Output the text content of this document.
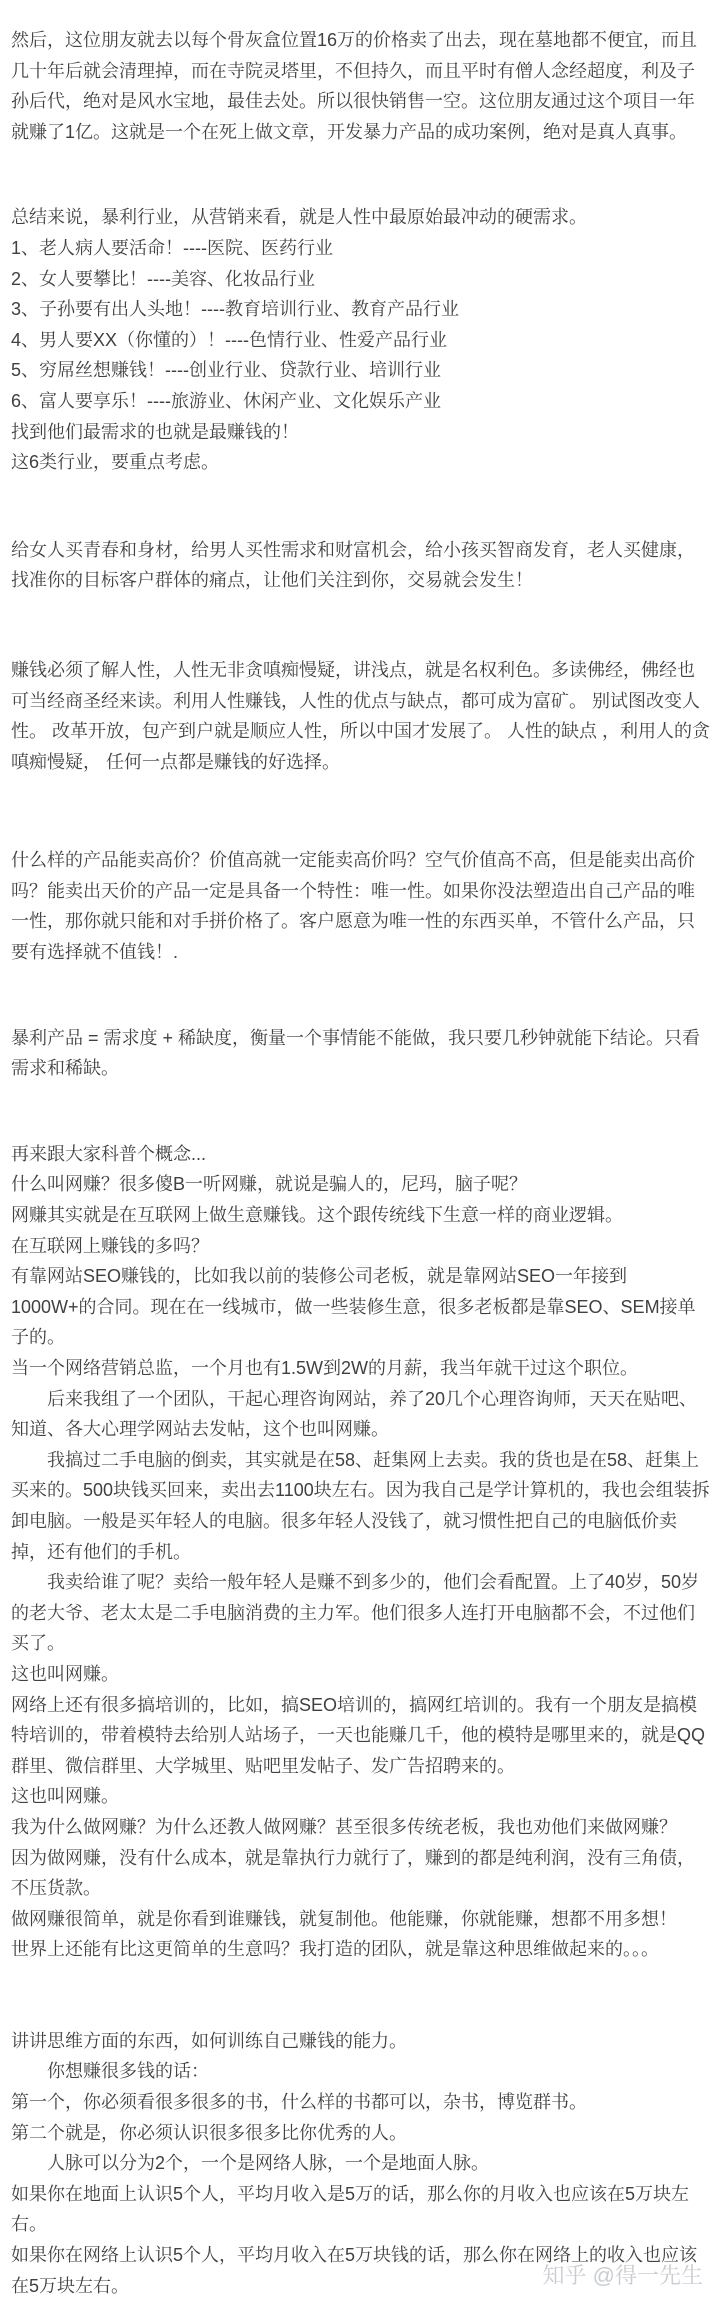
然后，这位朋友就去以每个骨灰盒位置16万的价格卖了出去，现在墓地都不便宜，而且
几十年后就会清理掉，而在寺院灵塔里，不但持久，而且平时有僧人念经超度，利及子
孙后代，绝对是风水宝地，最佳去处。所以很快销售一空。这位朋友通过这个项目一年
就赚了1亿。这就是一个在死上做文章，开发暴力产品的成功案例，绝对是真人真事。
总结来说，暴利行业，从营销来看，就是人性中最原始最冲动的硬需求。
1、老人病人要活命！----医院、医药行业
2、女人要攀比！----美容、化妆品行业
3、子孙要有出人头地！----教育培训行业、教育产品行业
4、男人要XX（你懂的）！----色情行业、性爱产品行业
5、穷屌丝想赚钱！----创业行业、贷款行业、培训行业
6、富人要享乐！----旅游业、休闲产业、文化娱乐产业
找到他们最需求的也就是最赚钱的！
这6类行业，要重点考虑。
给女人买青春和身材，给男人买性需求和财富机会，给小孩买智商发育，老人买健康，
找准你的目标客户群体的痛点，让他们关注到你，交易就会发生！
赚钱必须了解人性，人性无非贪嗔痴慢疑，讲浅点，就是名权利色。多读佛经，佛经也
可当经商圣经来读。利用人性赚钱，人性的优点与缺点，都可成为富矿。 别试图改变人
性。 改革开放，包产到户就是顺应人性，所以中国才发展了。 人性的缺点 ，利用人的贪
嗔痴慢疑， 任何一点都是赚钱的好选择。
什么样的产品能卖高价？价值高就一定能卖高价吗？空气价值高不高，但是能卖出高价
吗？能卖出天价的产品一定是具备一个特性：唯一性。如果你没法塑造出自己产品的唯
一性，那你就只能和对手拼价格了。客户愿意为唯一性的东西买单，不管什么产品，只
要有选择就不值钱！.
暴利产品 = 需求度 + 稀缺度，衡量一个事情能不能做，我只要几秒钟就能下结论。只看
需求和稀缺。
再来跟大家科普个概念...
什么叫网赚？很多傻B一听网赚，就说是骗人的，尼玛，脑子呢？
网赚其实就是在互联网上做生意赚钱。这个跟传统线下生意一样的商业逻辑。
在互联网上赚钱的多吗？
有靠网站SEO赚钱的，比如我以前的装修公司老板，就是靠网站SEO一年接到
1000W+的合同。现在在一线城市，做一些装修生意，很多老板都是靠SEO、SEM接单
子的。
当一个网络营销总监，一个月也有1.5W到2W的月薪，我当年就干过这个职位。
　　后来我组了一个团队，干起心理咨询网站，养了20几个心理咨询师，天天在贴吧、
知道、各大心理学网站去发帖，这个也叫网赚。
　　我搞过二手电脑的倒卖，其实就是在58、赶集网上去卖。我的货也是在58、赶集上
买来的。500块钱买回来，卖出去1100块左右。因为我自己是学计算机的，我也会组装拆
卸电脑。一般是买年轻人的电脑。很多年轻人没钱了，就习惯性把自己的电脑低价卖
掉，还有他们的手机。
　　我卖给谁了呢？卖给一般年轻人是赚不到多少的，他们会看配置。上了40岁，50岁
的老大爷、老太太是二手电脑消费的主力军。他们很多人连打开电脑都不会，不过他们
买了。
这也叫网赚。
网络上还有很多搞培训的，比如，搞SEO培训的，搞网红培训的。我有一个朋友是搞模
特培训的，带着模特去给别人站场子，一天也能赚几千，他的模特是哪里来的，就是QQ
群里、微信群里、大学城里、贴吧里发帖子、发广告招聘来的。
这也叫网赚。
我为什么做网赚？为什么还教人做网赚？甚至很多传统老板，我也劝他们来做网赚？
因为做网赚，没有什么成本，就是靠执行力就行了，赚到的都是纯利润，没有三角债，
不压货款。
做网赚很简单，就是你看到谁赚钱，就复制他。他能赚，你就能赚，想都不用多想！
世界上还能有比这更简单的生意吗？我打造的团队，就是靠这种思维做起来的。。。
讲讲思维方面的东西，如何训练自己赚钱的能力。
　　你想赚很多钱的话：
第一个，你必须看很多很多的书，什么样的书都可以，杂书，博览群书。
第二个就是，你必须认识很多很多比你优秀的人。
　　人脉可以分为2个，一个是网络人脉，一个是地面人脉。
如果你在地面上认识5个人，平均月收入是5万的话，那么你的月收入也应该在5万块左
右。
如果你在网络上认识5个人，平均月收入在5万块钱的话，那么你在网络上的收入也应该
在5万块左右。	知乎 @得一先生
